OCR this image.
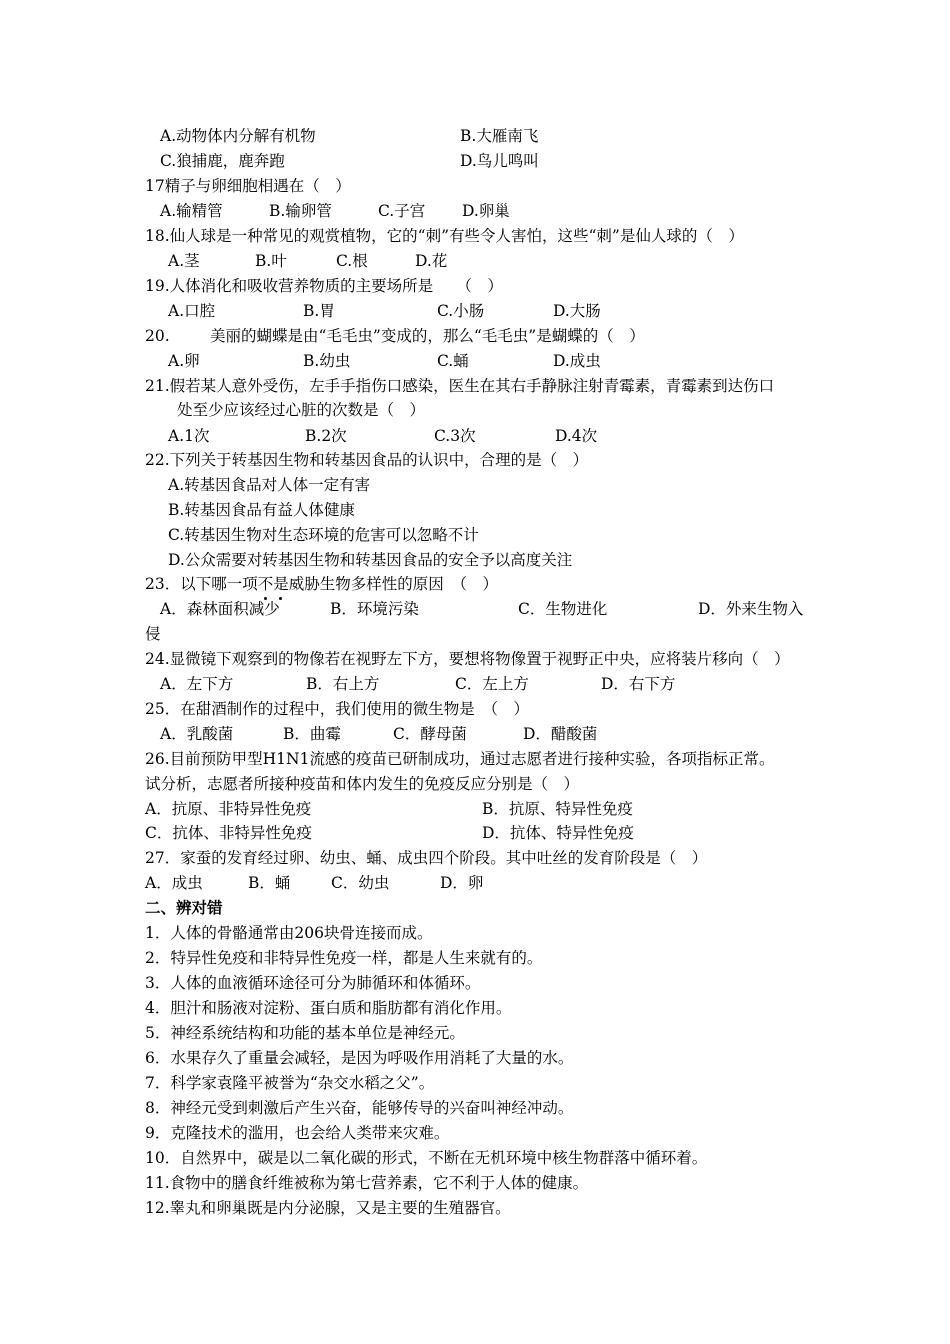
A.动物体内分解有机物	B.大雁南飞
C.狼捕鹿，鹿奔跑	D.鸟儿鸣叫
17精子与卵细胞相遇在（　）
A.输精管	B.输卵管	C.子宫 D.卵巢
18.仙人球是一种常见的观赏植物，它的“刺”有些令人害怕，这些“刺”是仙人球的（　）
A.茎	B.叶	C.根	D.花
19.人体消化和吸收营养物质的主要场所是　　（　）
A.口腔	B.胃	C.小肠	D.大肠
20.	美丽的蝴蝶是由“毛毛虫”变成的，那么“毛毛虫”是蝴蝶的（　）
A.卵	B.幼虫	C.蛹	D.成虫
21.假若某人意外受伤，左手手指伤口感染，医生在其右手静脉注射青霉素，青霉素到达伤口
处至少应该经过心脏的次数是（　）
A.1次	B.2次	C.3次	D.4次
22.下列关于转基因生物和转基因食品的认识中，合理的是（　）
A.转基因食品对人体一定有害
B.转基因食品有益人体健康
C.转基因生物对生态环境的危害可以忽略不计
D.公众需要对转基因生物和转基因食品的安全予以高度关注
23．以下哪一项不是
威胁生物多样性的原因　（　）
A．森林面积减少	B．环境污染	C．生物进化	D．外来生物入
侵
24.显微镜下观察到的物像若在视野左下方，要想将物像置于视野正中央，应将装片移向（　）
A．左下方	B．右上方	C．左上方	D．右下方
25．在甜酒制作的过程中，我们使用的微生物是　（　）
A．乳酸菌	B．曲霉	C．酵母菌	D．醋酸菌
26.目前预防甲型H1N1流感的疫苗已研制成功，通过志愿者进行接种实验，各项指标正常。
试分析，志愿者所接种疫苗和体内发生的免疫反应分别是（　）
A．抗原、非特异性免疫	B．抗原、特异性免疫
C．抗体、非特异性免疫	D．抗体、特异性免疫
27．家蚕的发育经过卵、幼虫、蛹、成虫四个阶段。其中吐丝的发育阶段是（　）
A．成虫	B．蛹	C．幼虫	D．卵
二、辨对错
1．人体的骨骼通常由206块骨连接而成。
2．特异性免疫和非特异性免疫一样，都是人生来就有的。
3．人体的血液循环途径可分为肺循环和体循环。
4．胆汁和肠液对淀粉、蛋白质和脂肪都有消化作用。
5．神经系统结构和功能的基本单位是神经元。
6．水果存久了重量会减轻，是因为呼吸作用消耗了大量的水。
7．科学家袁隆平被誉为“杂交水稻之父”。
8．神经元受到刺激后产生兴奋，能够传导的兴奋叫神经冲动。
9．克隆技术的滥用，也会给人类带来灾难。
10．自然界中，碳是以二氧化碳的形式，不断在无机环境中核生物群落中循环着。
11.食物中的膳食纤维被称为第七营养素，它不利于人体的健康。
12.睾丸和卵巢既是内分泌腺，又是主要的生殖器官。
